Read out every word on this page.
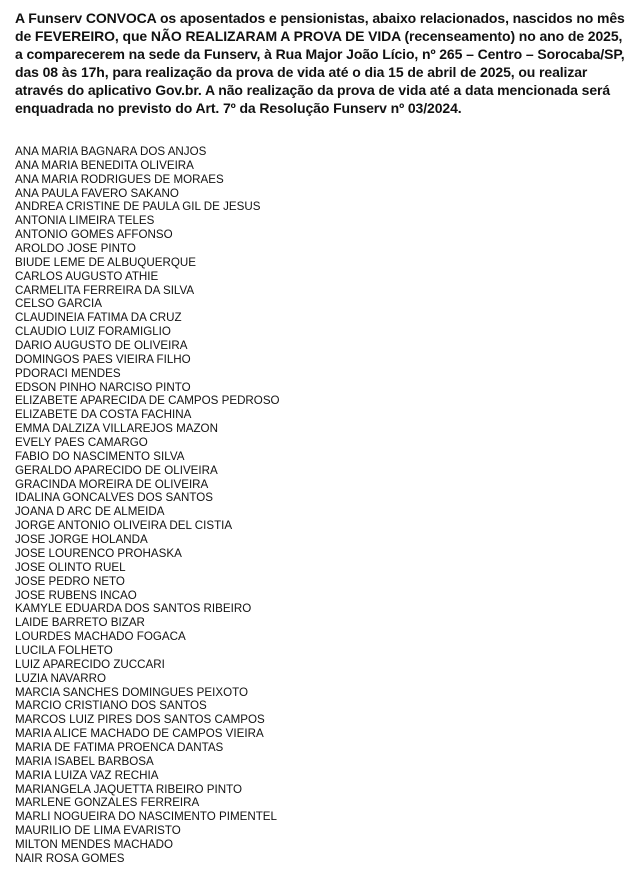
A Funserv CONVOCA os aposentados e pensionistas, abaixo relacionados, nascidos no mês de FEVEREIRO, que NÃO REALIZARAM A PROVA DE VIDA (recenseamento) no ano de 2025, a comparecerem na sede da Funserv, à Rua Major João Lício, nº 265 – Centro – Sorocaba/SP, das 08 às 17h, para realização da prova de vida até o dia 15 de abril de 2025, ou realizar através do aplicativo Gov.br. A não realização da prova de vida até a data mencionada será enquadrada no previsto do Art. 7º da Resolução Funserv nº 03/2024.

ANA MARIA BAGNARA DOS ANJOS
ANA MARIA BENEDITA OLIVEIRA
ANA MARIA RODRIGUES DE MORAES
ANA PAULA FAVERO SAKANO
ANDREA CRISTINE DE PAULA GIL DE JESUS
ANTONIA LIMEIRA TELES
ANTONIO GOMES AFFONSO
AROLDO JOSE PINTO
BIUDE LEME DE ALBUQUERQUE
CARLOS AUGUSTO ATHIE
CARMELITA FERREIRA DA SILVA
CELSO GARCIA
CLAUDINEIA FATIMA DA CRUZ
CLAUDIO LUIZ FORAMIGLIO
DARIO AUGUSTO DE OLIVEIRA
DOMINGOS PAES VIEIRA FILHO
PDORACI MENDES
EDSON PINHO NARCISO PINTO
ELIZABETE APARECIDA DE CAMPOS PEDROSO
ELIZABETE DA COSTA FACHINA
EMMA DALZIZA VILLAREJOS MAZON
EVELY PAES CAMARGO
FABIO DO NASCIMENTO SILVA
GERALDO APARECIDO DE OLIVEIRA
GRACINDA MOREIRA DE OLIVEIRA
IDALINA GONCALVES DOS SANTOS
JOANA D ARC DE ALMEIDA
JORGE ANTONIO OLIVEIRA DEL CISTIA
JOSE JORGE HOLANDA
JOSE LOURENCO PROHASKA
JOSE OLINTO RUEL
JOSE PEDRO NETO
JOSE RUBENS INCAO
KAMYLE EDUARDA DOS SANTOS RIBEIRO
LAIDE BARRETO BIZAR
LOURDES MACHADO FOGACA
LUCILA FOLHETO
LUIZ APARECIDO ZUCCARI
LUZIA NAVARRO
MARCIA SANCHES DOMINGUES PEIXOTO
MARCIO CRISTIANO DOS SANTOS
MARCOS LUIZ PIRES DOS SANTOS CAMPOS
MARIA ALICE MACHADO DE CAMPOS VIEIRA
MARIA DE FATIMA PROENCA DANTAS
MARIA ISABEL BARBOSA
MARIA LUIZA VAZ RECHIA
MARIANGELA JAQUETTA RIBEIRO PINTO
MARLENE GONZALES FERREIRA
MARLI NOGUEIRA DO NASCIMENTO PIMENTEL
MAURILIO DE LIMA EVARISTO
MILTON MENDES MACHADO
NAIR ROSA GOMES
